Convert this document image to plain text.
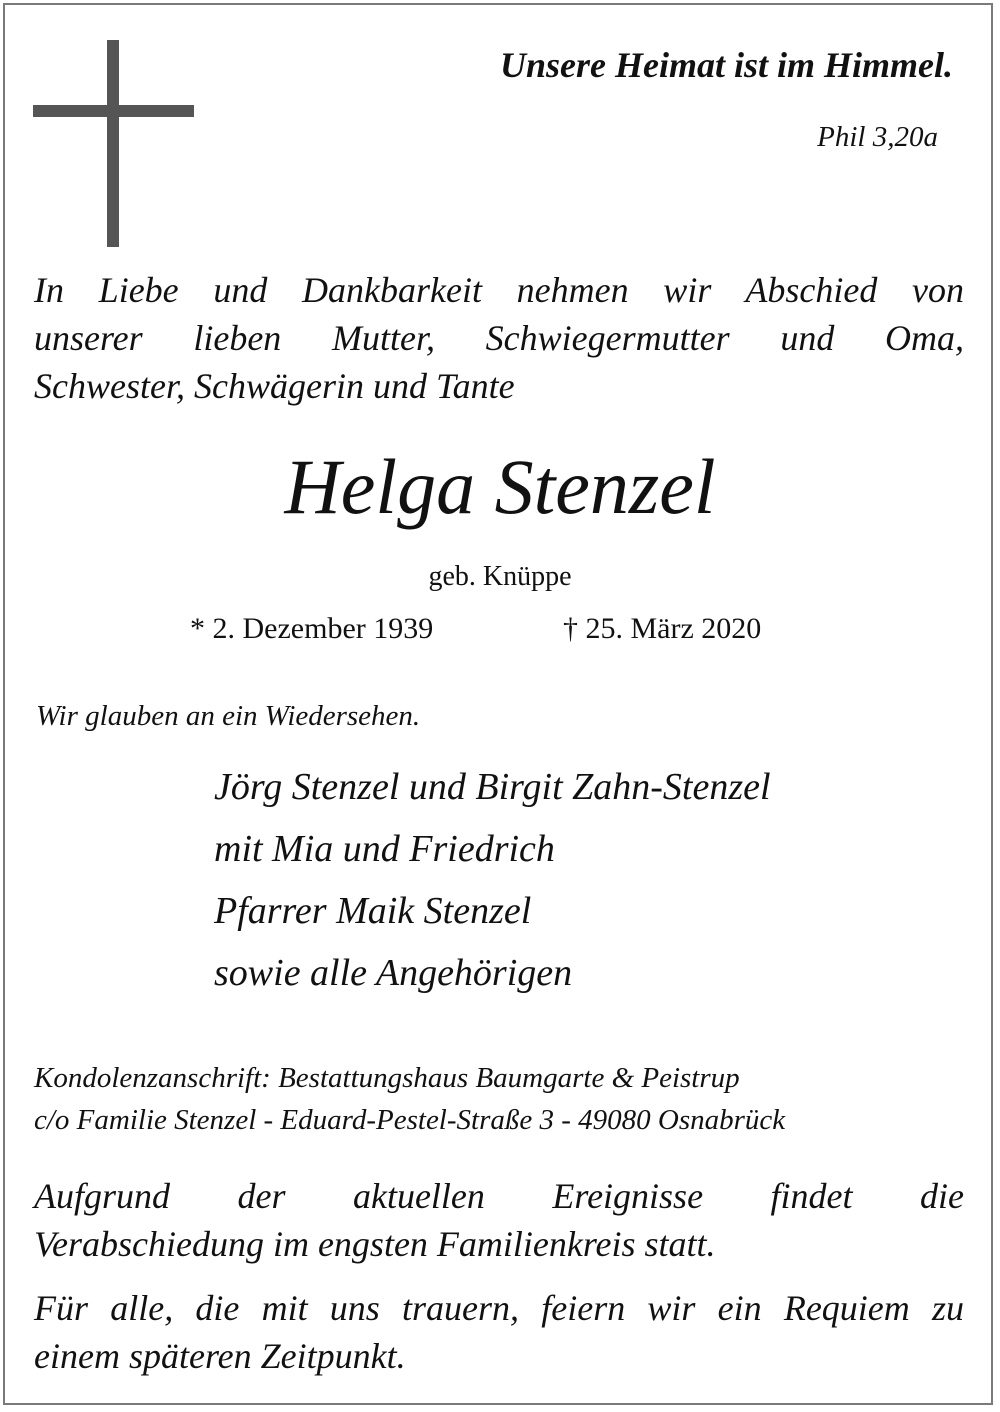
Unsere Heimat ist im Himmel.
Phil 3,20a
In Liebe und Dankbarkeit nehmen wir Abschied von
unserer lieben Mutter, Schwiegermutter und Oma,
Schwester, Schwägerin und Tante
Helga Stenzel
geb. Knüppe
* 2. Dezember 1939	† 25. März 2020
Wir glauben an ein Wiedersehen.
Jörg Stenzel und Birgit Zahn-Stenzel
mit Mia und Friedrich
Pfarrer Maik Stenzel
sowie alle Angehörigen
Kondolenzanschrift: Bestattungshaus Baumgarte & Peistrup
c/o Familie Stenzel - Eduard-Pestel-Straße 3 - 49080 Osnabrück
Aufgrund der aktuellen Ereignisse findet die
Verabschiedung im engsten Familienkreis statt.
Für alle, die mit uns trauern, feiern wir ein Requiem zu
einem späteren Zeitpunkt.
